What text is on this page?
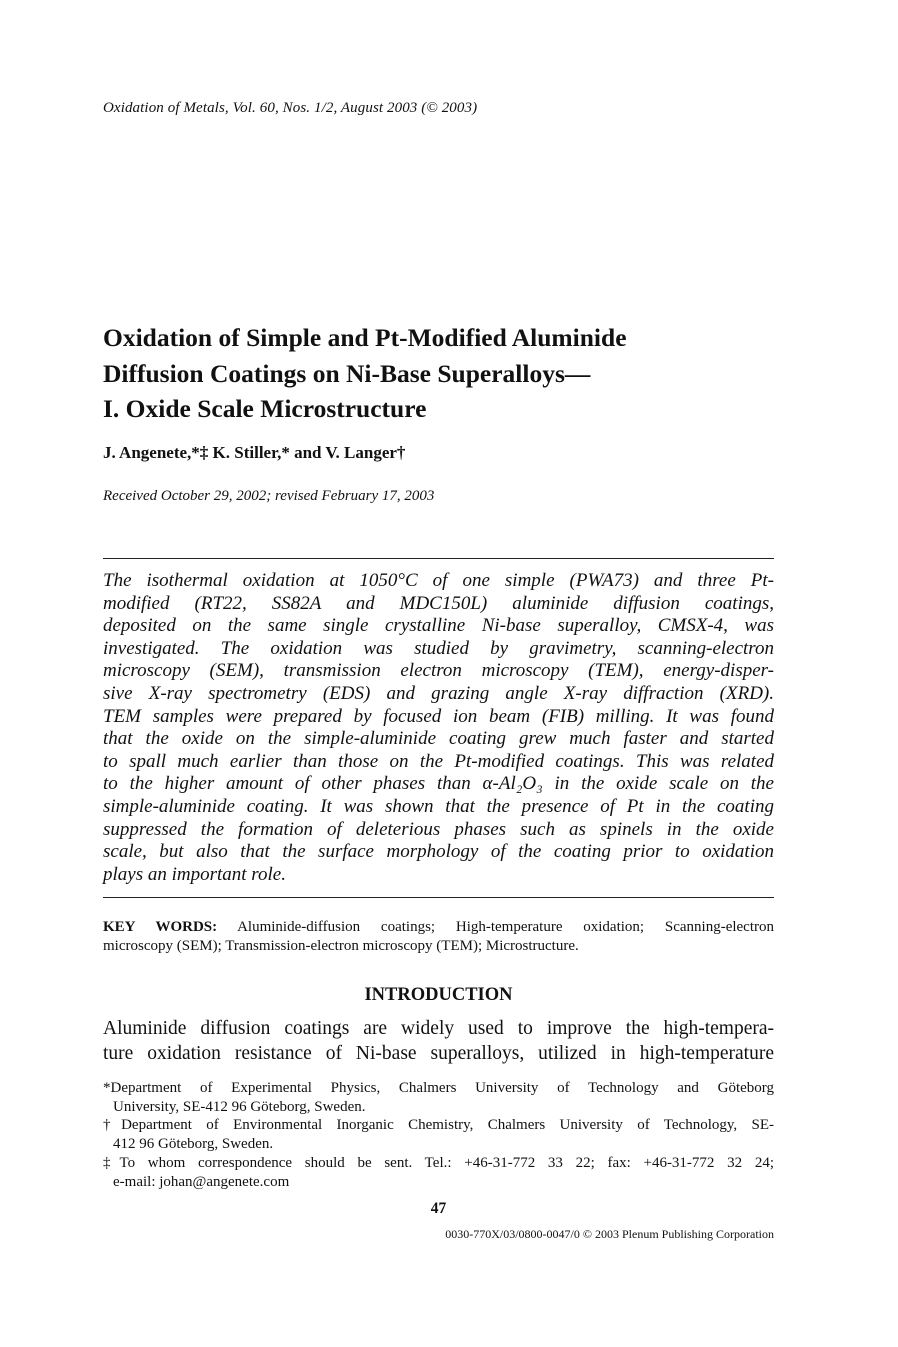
Oxidation of Metals, Vol. 60, Nos. 1/2, August 2003 (© 2003)
Oxidation of Simple and Pt-Modified Aluminide
Diffusion Coatings on Ni-Base Superalloys—
I. Oxide Scale Microstructure
J. Angenete,*‡ K. Stiller,* and V. Langer†
Received October 29, 2002; revised February 17, 2003
The isothermal oxidation at 1050°C of one simple (PWA73) and three Pt-
modified (RT22, SS82A and MDC150L) aluminide diffusion coatings,
deposited on the same single crystalline Ni-base superalloy, CMSX-4, was
investigated. The oxidation was studied by gravimetry, scanning-electron
microscopy (SEM), transmission electron microscopy (TEM), energy-disper-
sive X-ray spectrometry (EDS) and grazing angle X-ray diffraction (XRD).
TEM samples were prepared by focused ion beam (FIB) milling. It was found
that the oxide on the simple-aluminide coating grew much faster and started
to spall much earlier than those on the Pt-modified coatings. This was related
to the higher amount of other phases than α-Al₂O₃ in the oxide scale on the
simple-aluminide coating. It was shown that the presence of Pt in the coating
suppressed the formation of deleterious phases such as spinels in the oxide
scale, but also that the surface morphology of the coating prior to oxidation
plays an important role.
KEY WORDS: Aluminide-diffusion coatings; High-temperature oxidation; Scanning-electron
microscopy (SEM); Transmission-electron microscopy (TEM); Microstructure.
INTRODUCTION
Aluminide diffusion coatings are widely used to improve the high-tempera-
ture oxidation resistance of Ni-base superalloys, utilized in high-temperature

*Department of Experimental Physics, Chalmers University of Technology and Göteborg
University, SE-412 96 Göteborg, Sweden.

†Department of Environmental Inorganic Chemistry, Chalmers University of Technology, SE-
412 96 Göteborg, Sweden.

‡To whom correspondence should be sent. Tel.: +46-31-772 33 22; fax: +46-31-772 32 24;
e-mail: johan@angenete.com

47
0030-770X/03/0800-0047/0 © 2003 Plenum Publishing Corporation
